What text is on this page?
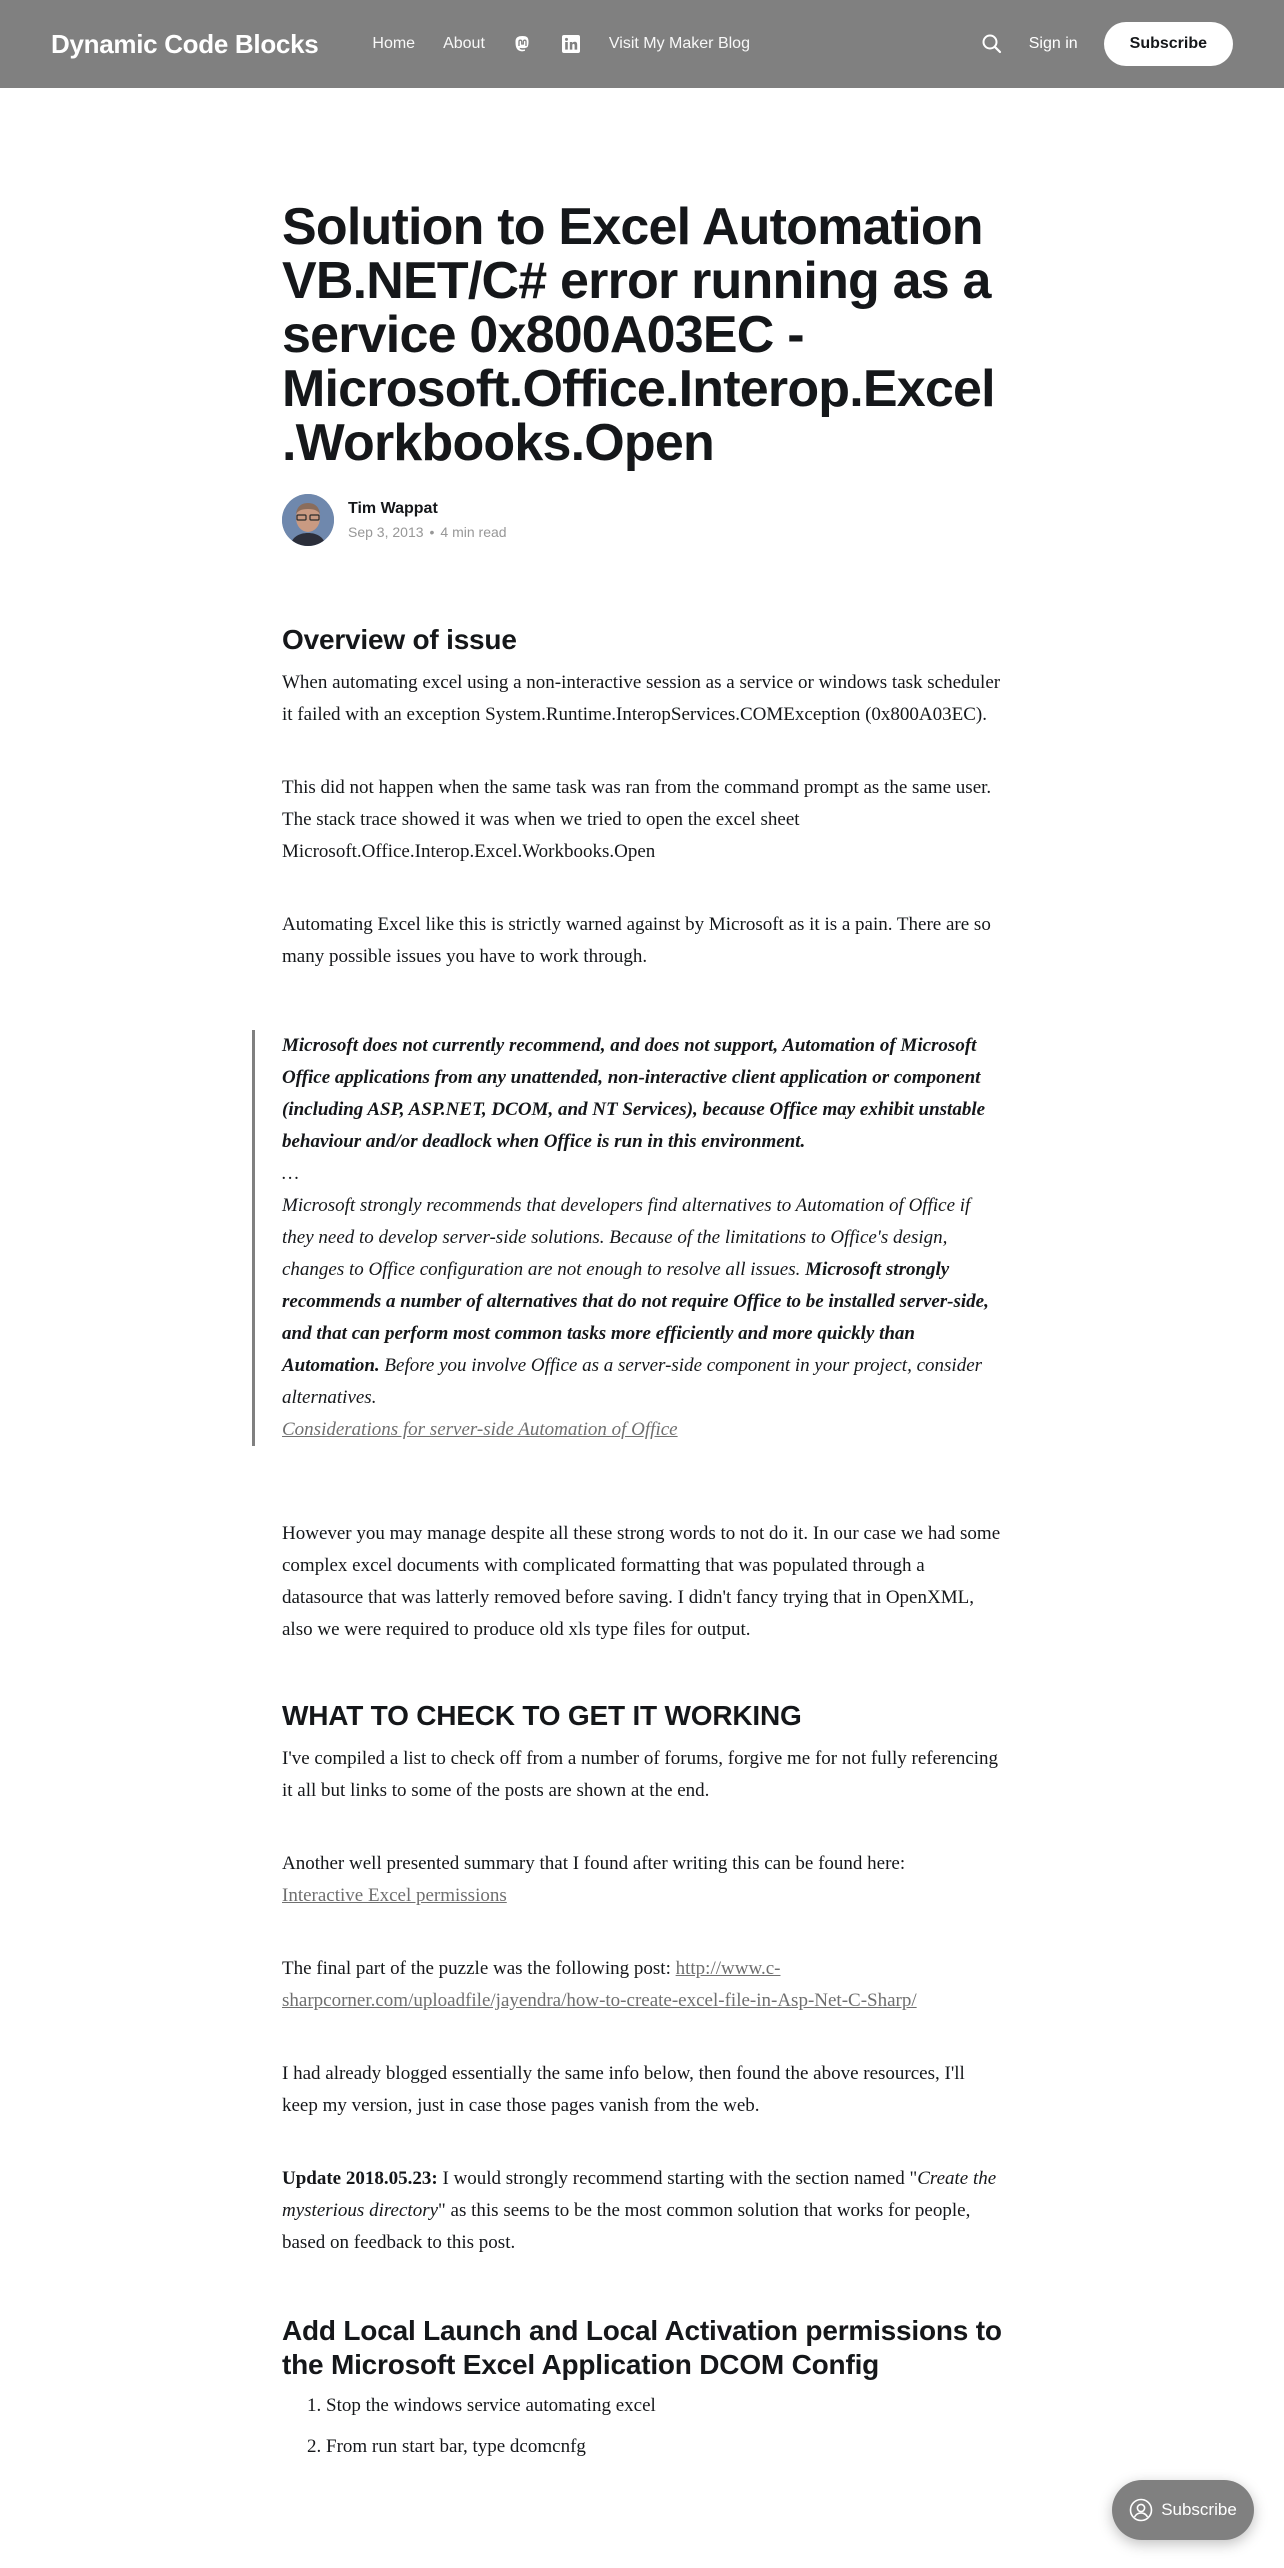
Dynamic Code Blocks	Home About	Visit My Maker Blog	Sign in	Subscribe
Solution to Excel Automation VB.NET/C# error running as a service 0x800A03EC - Microsoft.Office.Interop.Excel .Workbooks.Open
Tim Wappat
Sep 3, 2013 • 4 min read
Overview of issue

When automating excel using a non-interactive session as a service or windows task scheduler it failed with an exception System.Runtime.InteropServices.COMException (0x800A03EC).

This did not happen when the same task was ran from the command prompt as the same user. The stack trace showed it was when we tried to open the excel sheet Microsoft.Office.Interop.Excel.Workbooks.Open

Automating Excel like this is strictly warned against by Microsoft as it is a pain. There are so many possible issues you have to work through.

Microsoft does not currently recommend, and does not support, Automation of Microsoft Office applications from any unattended, non-interactive client application or component (including ASP, ASP.NET, DCOM, and NT Services), because Office may exhibit unstable behaviour and/or deadlock when Office is run in this environment.
…
Microsoft strongly recommends that developers find alternatives to Automation of Office if they need to develop server-side solutions. Because of the limitations to Office's design, changes to Office configuration are not enough to resolve all issues. Microsoft strongly recommends a number of alternatives that do not require Office to be installed server-side, and that can perform most common tasks more efficiently and more quickly than Automation. Before you involve Office as a server-side component in your project, consider alternatives.
Considerations for server-side Automation of Office

However you may manage despite all these strong words to not do it. In our case we had some complex excel documents with complicated formatting that was populated through a datasource that was latterly removed before saving. I didn't fancy trying that in OpenXML, also we were required to produce old xls type files for output.

WHAT TO CHECK TO GET IT WORKING

I've compiled a list to check off from a number of forums, forgive me for not fully referencing it all but links to some of the posts are shown at the end.

Another well presented summary that I found after writing this can be found here:
Interactive Excel permissions

The final part of the puzzle was the following post: http://www.c-sharpcorner.com/uploadfile/jayendra/how-to-create-excel-file-in-Asp-Net-C-Sharp/

I had already blogged essentially the same info below, then found the above resources, I'll keep my version, just in case those pages vanish from the web.

Update 2018.05.23: I would strongly recommend starting with the section named "Create the mysterious directory" as this seems to be the most common solution that works for people, based on feedback to this post.

Add Local Launch and Local Activation permissions to the Microsoft Excel Application DCOM Config
1. Stop the windows service automating excel
2. From run start bar, type dcomcnfg
Subscribe
